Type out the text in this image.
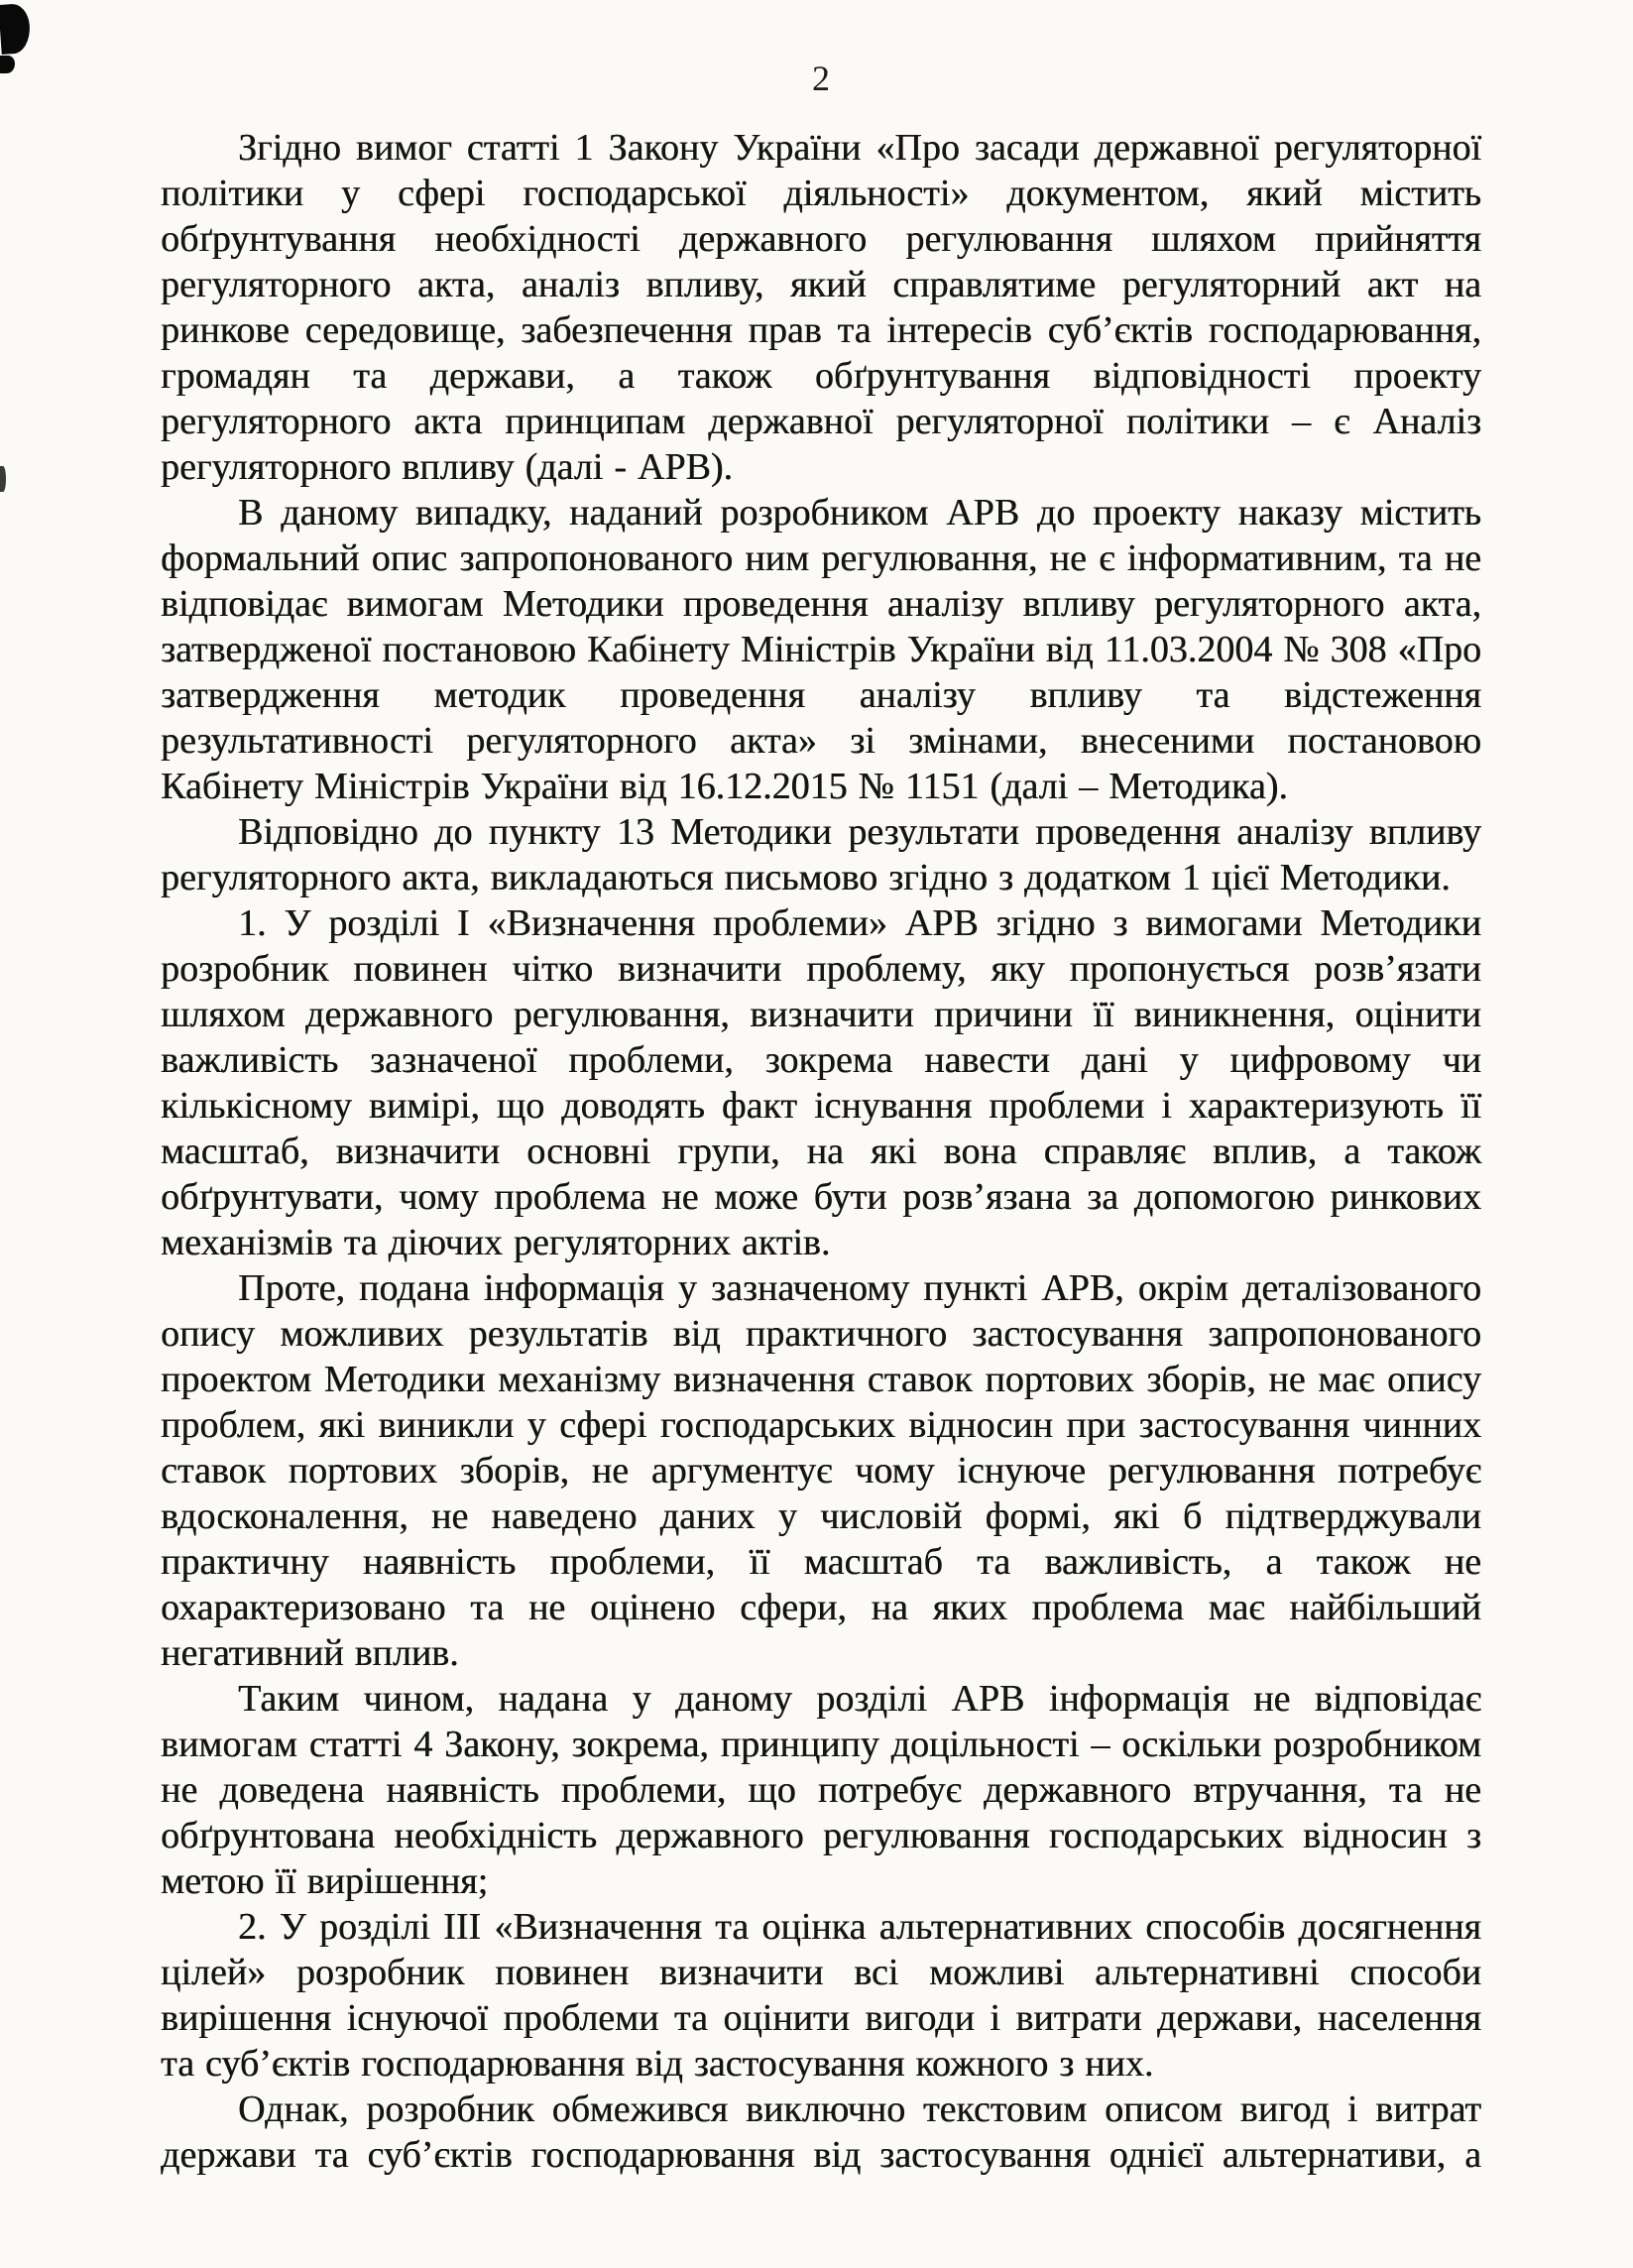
2

Згідно вимог статті 1 Закону України «Про засади державної регуляторної політики у сфері господарської діяльності» документом, який містить обґрунтування необхідності державного регулювання шляхом прийняття регуляторного акта, аналіз впливу, який справлятиме регуляторний акт на ринкове середовище, забезпечення прав та інтересів суб’єктів господарювання, громадян та держави, а також обґрунтування відповідності проекту регуляторного акта принципам державної регуляторної політики – є Аналіз регуляторного впливу (далі - АРВ).

В даному випадку, наданий розробником АРВ до проекту наказу містить формальний опис запропонованого ним регулювання, не є інформативним, та не відповідає вимогам Методики проведення аналізу впливу регуляторного акта, затвердженої постановою Кабінету Міністрів України від 11.03.2004 № 308 «Про затвердження методик проведення аналізу впливу та відстеження результативності регуляторного акта» зі змінами, внесеними постановою Кабінету Міністрів України від 16.12.2015 № 1151 (далі – Методика).

Відповідно до пункту 13 Методики результати проведення аналізу впливу регуляторного акта, викладаються письмово згідно з додатком 1 цієї Методики.

1. У розділі І «Визначення проблеми» АРВ згідно з вимогами Методики розробник повинен чітко визначити проблему, яку пропонується розв’язати шляхом державного регулювання, визначити причини її виникнення, оцінити важливість зазначеної проблеми, зокрема навести дані у цифровому чи кількісному вимірі, що доводять факт існування проблеми і характеризують її масштаб, визначити основні групи, на які вона справляє вплив, а також обґрунтувати, чому проблема не може бути розв’язана за допомогою ринкових механізмів та діючих регуляторних актів.

Проте, подана інформація у зазначеному пункті АРВ, окрім деталізованого опису можливих результатів від практичного застосування запропонованого проектом Методики механізму визначення ставок портових зборів, не має опису проблем, які виникли у сфері господарських відносин при застосування чинних ставок портових зборів, не аргументує чому існуюче регулювання потребує вдосконалення, не наведено даних у числовій формі, які б підтверджували практичну наявність проблеми, її масштаб та важливість, а також не охарактеризовано та не оцінено сфери, на яких проблема має найбільший негативний вплив.

Таким чином, надана у даному розділі АРВ інформація не відповідає вимогам статті 4 Закону, зокрема, принципу доцільності – оскільки розробником не доведена наявність проблеми, що потребує державного втручання, та не обґрунтована необхідність державного регулювання господарських відносин з метою її вирішення;

2. У розділі ІІІ «Визначення та оцінка альтернативних способів досягнення цілей» розробник повинен визначити всі можливі альтернативні способи вирішення існуючої проблеми та оцінити вигоди і витрати держави, населення та суб’єктів господарювання від застосування кожного з них.

Однак, розробник обмежився виключно текстовим описом вигод і витрат держави та суб’єктів господарювання від застосування однієї альтернативи, а
